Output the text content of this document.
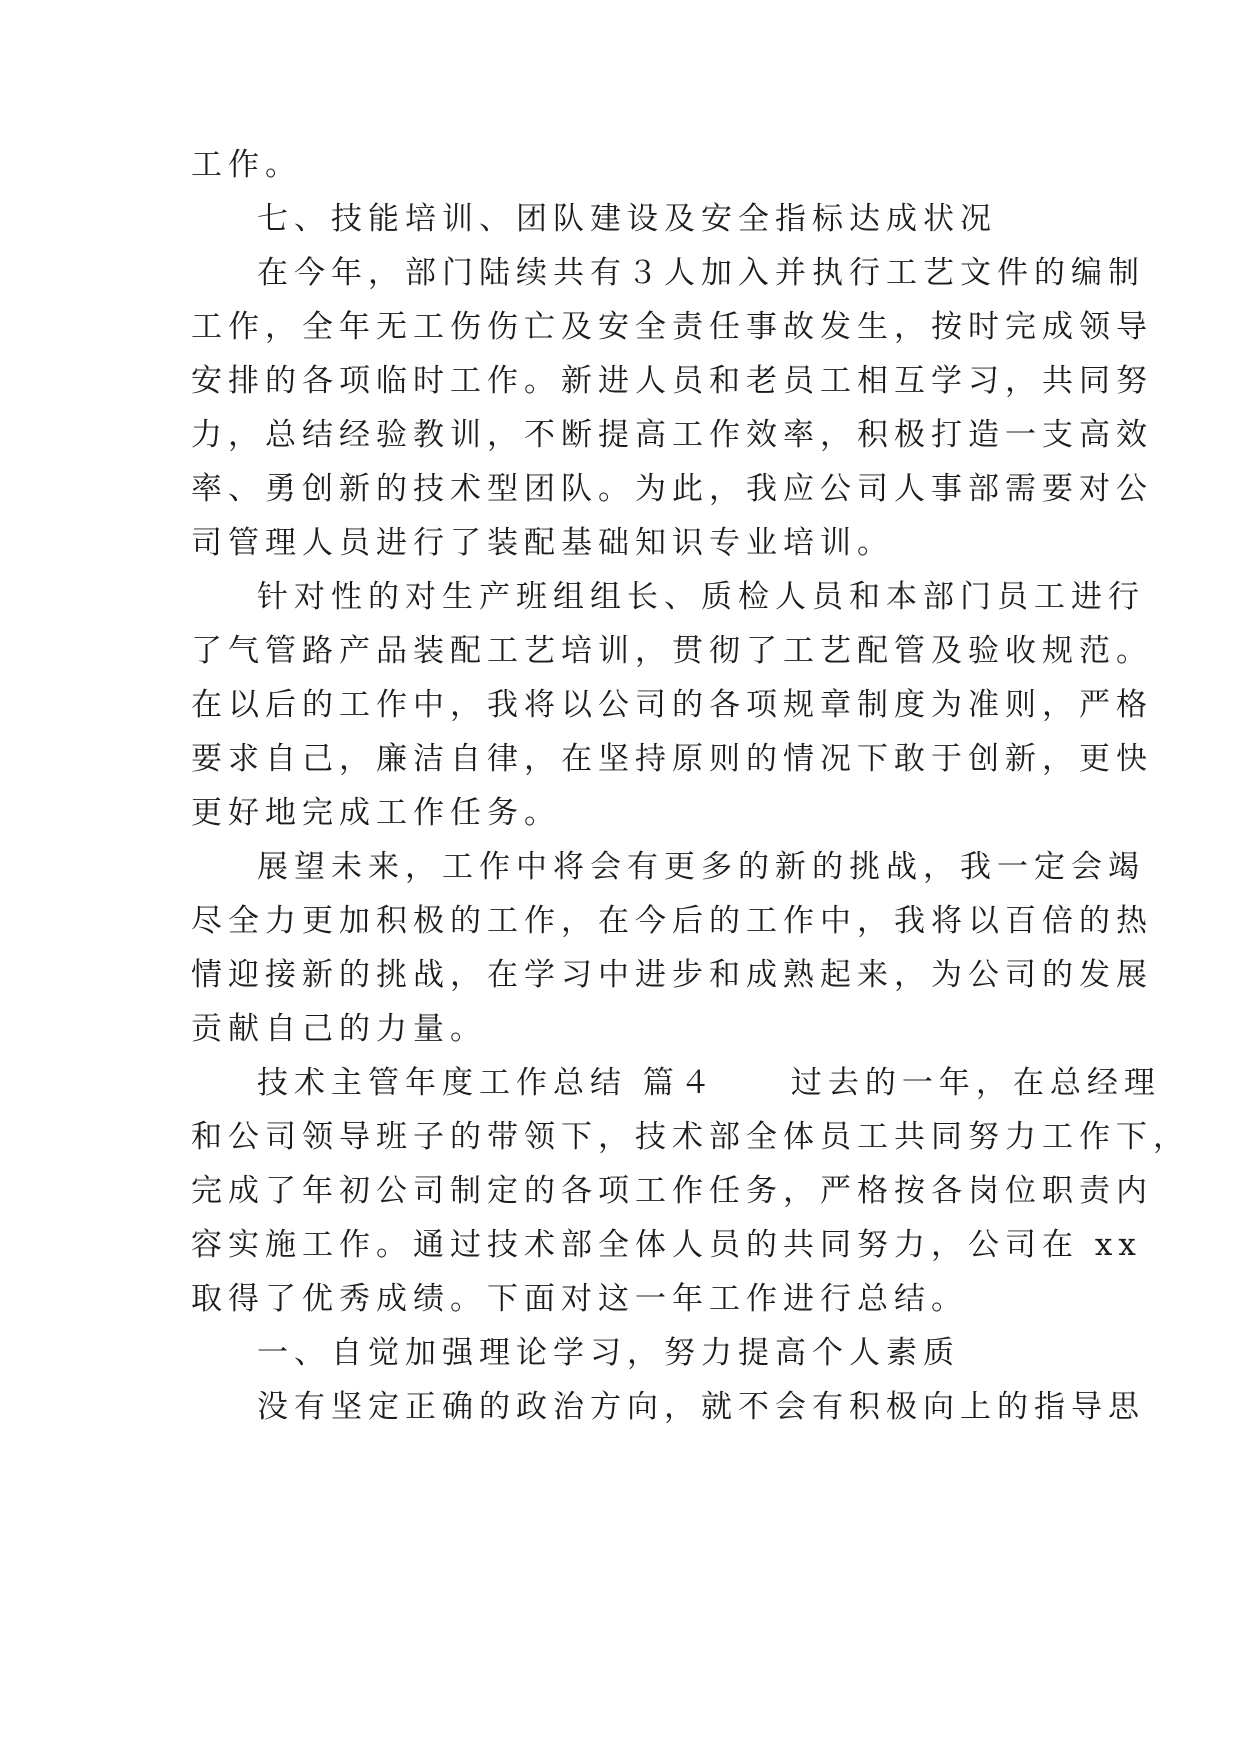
工作。
七、技能培训、团队建设及安全指标达成状况
在今年，部门陆续共有３人加入并执行工艺文件的编制
工作，全年无工伤伤亡及安全责任事故发生，按时完成领导
安排的各项临时工作。新进人员和老员工相互学习，共同努
力，总结经验教训，不断提高工作效率，积极打造一支高效
率、勇创新的技术型团队。为此，我应公司人事部需要对公
司管理人员进行了装配基础知识专业培训。
针对性的对生产班组组长、质检人员和本部门员工进行
了气管路产品装配工艺培训，贯彻了工艺配管及验收规范。
在以后的工作中，我将以公司的各项规章制度为准则，严格
要求自己，廉洁自律，在坚持原则的情况下敢于创新，更快
更好地完成工作任务。
展望未来，工作中将会有更多的新的挑战，我一定会竭
尽全力更加积极的工作，在今后的工作中，我将以百倍的热
情迎接新的挑战，在学习中进步和成熟起来，为公司的发展
贡献自己的力量。
技术主管年度工作总结 篇４　　过去的一年，在总经理
和公司领导班子的带领下，技术部全体员工共同努力工作下，
完成了年初公司制定的各项工作任务，严格按各岗位职责内
容实施工作。通过技术部全体人员的共同努力，公司在 xx
取得了优秀成绩。下面对这一年工作进行总结。
一、自觉加强理论学习，努力提高个人素质
没有坚定正确的政治方向，就不会有积极向上的指导思
